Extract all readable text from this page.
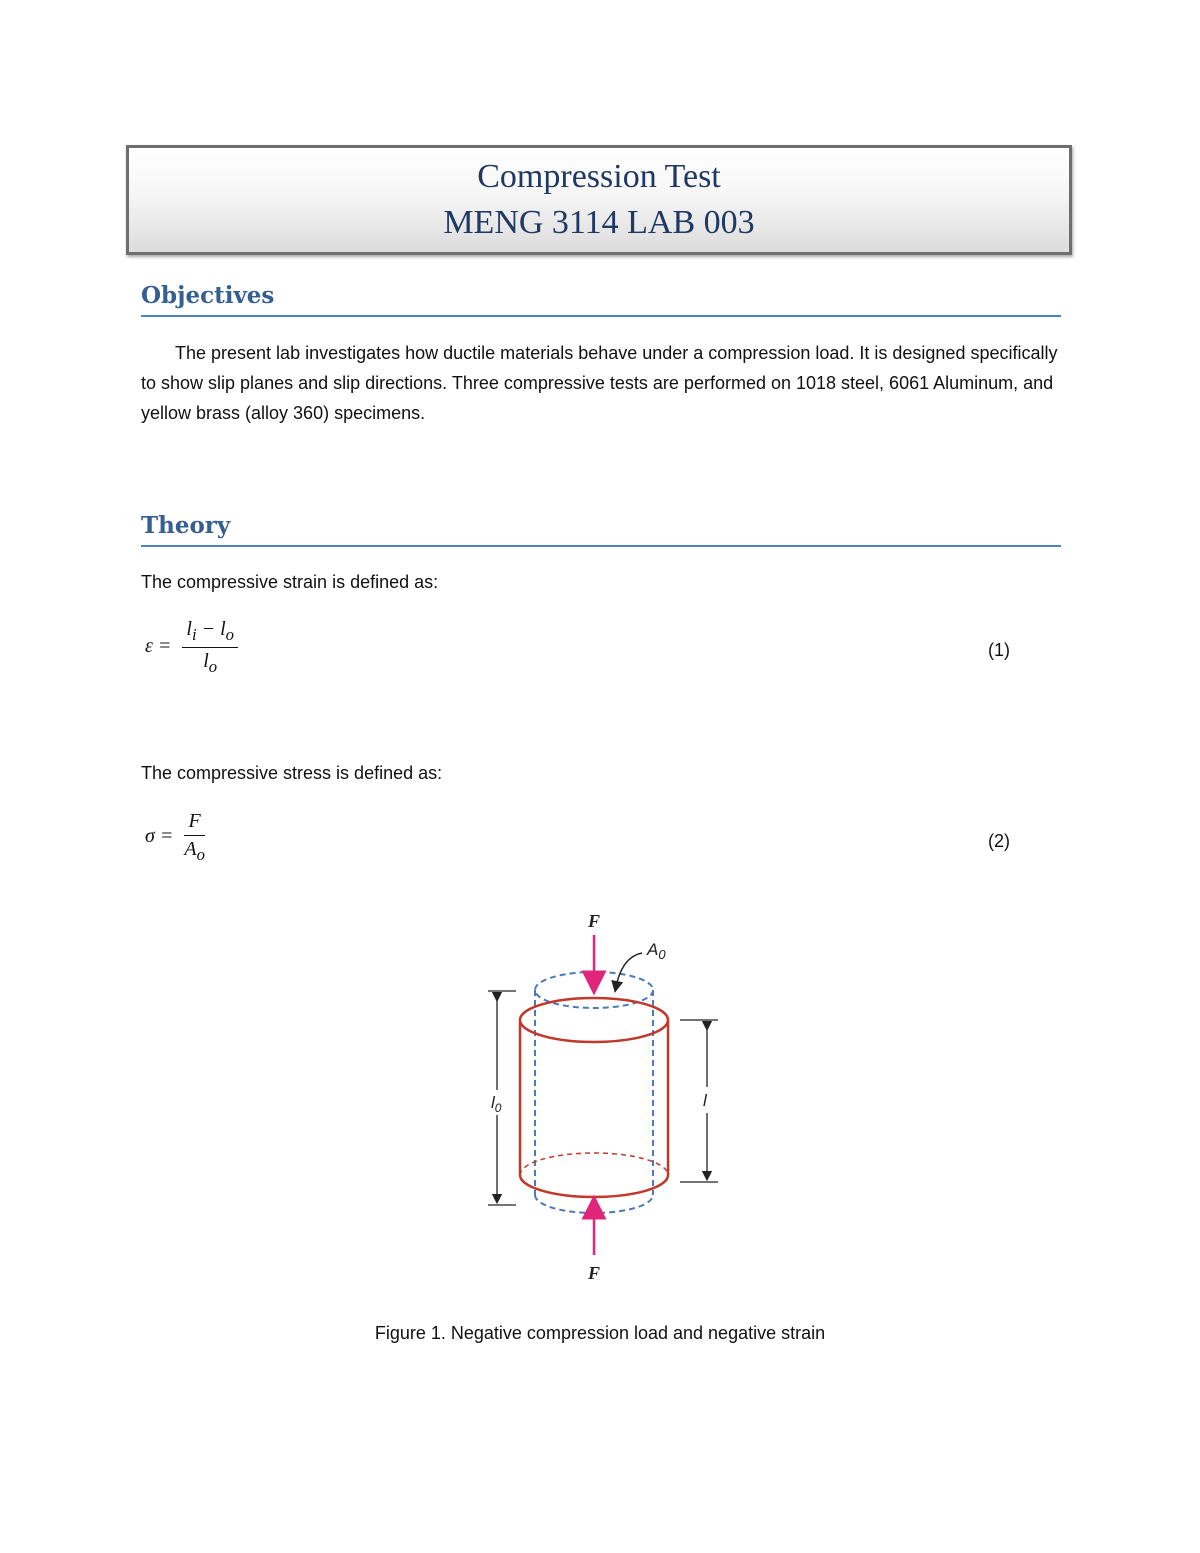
Compression Test
MENG 3114 LAB 003
Objectives
The present lab investigates how ductile materials behave under a compression load. It is designed specifically to show slip planes and slip directions. Three compressive tests are performed on 1018 steel, 6061 Aluminum, and yellow brass (alloy 360) specimens.
Theory
The compressive strain is defined as:
$\varepsilon = \frac{l_i - l_o}{l_o}$	(1)
The compressive stress is defined as:
$\sigma = \frac{F}{A_o}$	(2)
F
F
$A_0$
$l_0$	l
Figure 1. Negative compression load and negative strain
